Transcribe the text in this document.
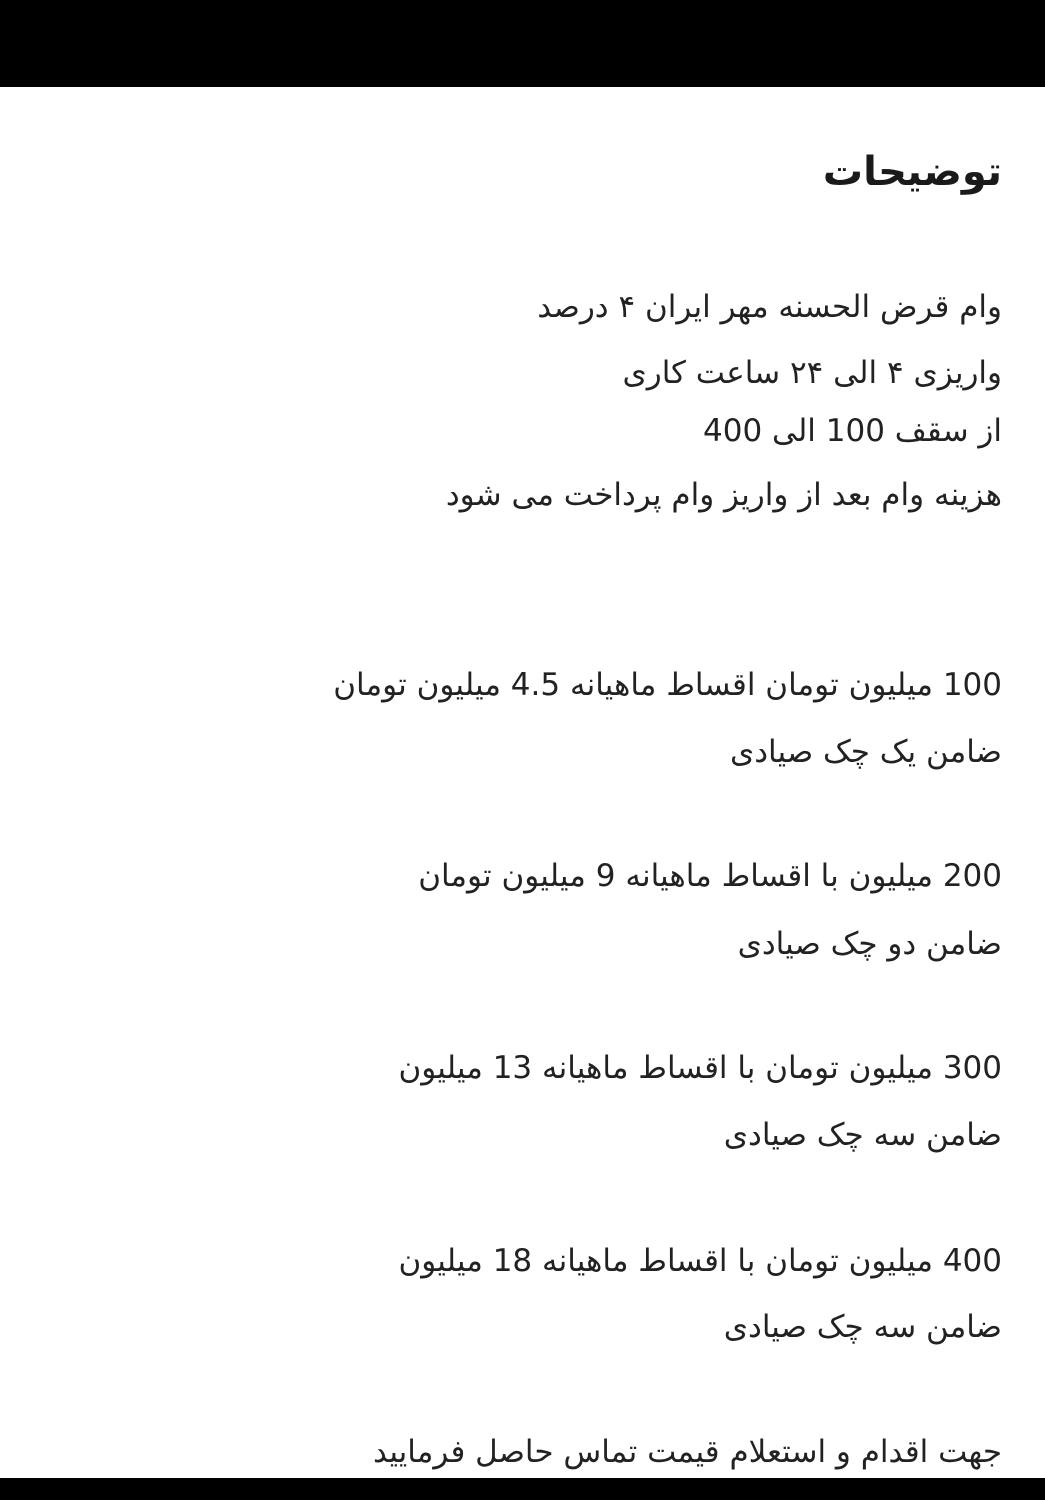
توضیحات
وام قرض الحسنه مهر ایران ۴ درصد
واریزی ۴ الی ۲۴ ساعت کاری
از سقف 100 الی 400
هزینه وام بعد از واریز وام پرداخت می شود
100 میلیون تومان اقساط ماهیانه 4.5 میلیون تومان
ضامن یک چک صیادی
200 میلیون با اقساط ماهیانه 9 میلیون تومان
ضامن دو چک صیادی
300 میلیون تومان با اقساط ماهیانه 13 میلیون
ضامن سه چک صیادی
400 میلیون تومان با اقساط ماهیانه 18 میلیون
ضامن سه چک صیادی
جهت اقدام و استعلام قیمت تماس حاصل فرمایید
